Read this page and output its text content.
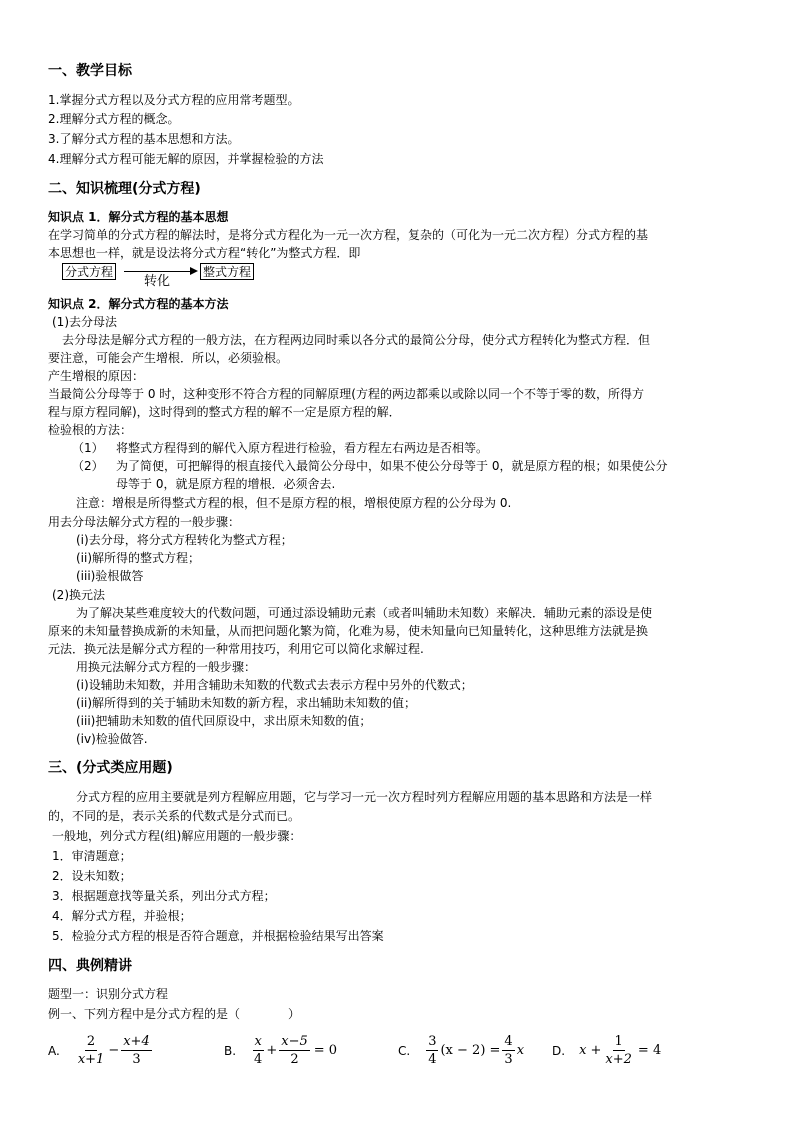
一、教学目标
1.掌握分式方程以及分式方程的应用常考题型。
2.理解分式方程的概念。
3.了解分式方程的基本思想和方法。
4.理解分式方程可能无解的原因，并掌握检验的方法
二、知识梳理(分式方程)
知识点 1．解分式方程的基本思想
在学习简单的分式方程的解法时，是将分式方程化为一元一次方程，复杂的（可化为一元二次方程）分式方程的基
本思想也一样，就是设法将分式方程“转化”为整式方程．即
分式方程
转化
整式方程
知识点 2．解分式方程的基本方法
(1)去分母法
去分母法是解分式方程的一般方法，在方程两边同时乘以各分式的最简公分母，使分式方程转化为整式方程．但
要注意，可能会产生增根．所以，必须验根。
产生增根的原因：
当最简公分母等于 0 时，这种变形不符合方程的同解原理(方程的两边都乘以或除以同一个不等于零的数，所得方
程与原方程同解)，这时得到的整式方程的解不一定是原方程的解．
检验根的方法：
（1） 将整式方程得到的解代入原方程进行检验，看方程左右两边是否相等。
（2） 为了简便，可把解得的根直接代入最简公分母中，如果不使公分母等于 0，就是原方程的根；如果使公分
母等于 0，就是原方程的增根．必须舍去.
注意：增根是所得整式方程的根，但不是原方程的根，增根使原方程的公分母为 0.
用去分母法解分式方程的一般步骤：
(i)去分母，将分式方程转化为整式方程；
(ii)解所得的整式方程；
(iii)验根做答
(2)换元法
为了解决某些难度较大的代数问题，可通过添设辅助元素（或者叫辅助未知数）来解决．辅助元素的添设是使
原来的未知量替换成新的未知量，从而把问题化繁为简，化难为易，使未知量向已知量转化，这种思维方法就是换
元法．换元法是解分式方程的一种常用技巧，利用它可以简化求解过程.
用换元法解分式方程的一般步骤：
(i)设辅助未知数，并用含辅助未知数的代数式去表示方程中另外的代数式；
(ii)解所得到的关于辅助未知数的新方程，求出辅助未知数的值；
(iii)把辅助未知数的值代回原设中，求出原未知数的值；
(iv)检验做答.
三、(分式类应用题)
分式方程的应用主要就是列方程解应用题，它与学习一元一次方程时列方程解应用题的基本思路和方法是一样
的，不同的是，表示关系的代数式是分式而已。
一般地，列分式方程(组)解应用题的一般步骤：
1．审清题意；
2．设未知数；
3．根据题意找等量关系，列出分式方程；
4．解分式方程，并验根；
5．检验分式方程的根是否符合题意，并根据检验结果写出答案
四、典例精讲
题型一：识别分式方程
例一、下列方程中是分式方程的是（　　　　）
A. $\frac{2}{x+1} - \frac{x+4}{3}$	B. $\frac{x}{4} + \frac{x-5}{2} = 0$	C. $\frac{3}{4} (x - 2) = \frac{4}{3}$ x D. $x + \frac{1}{x+2} = 4$
